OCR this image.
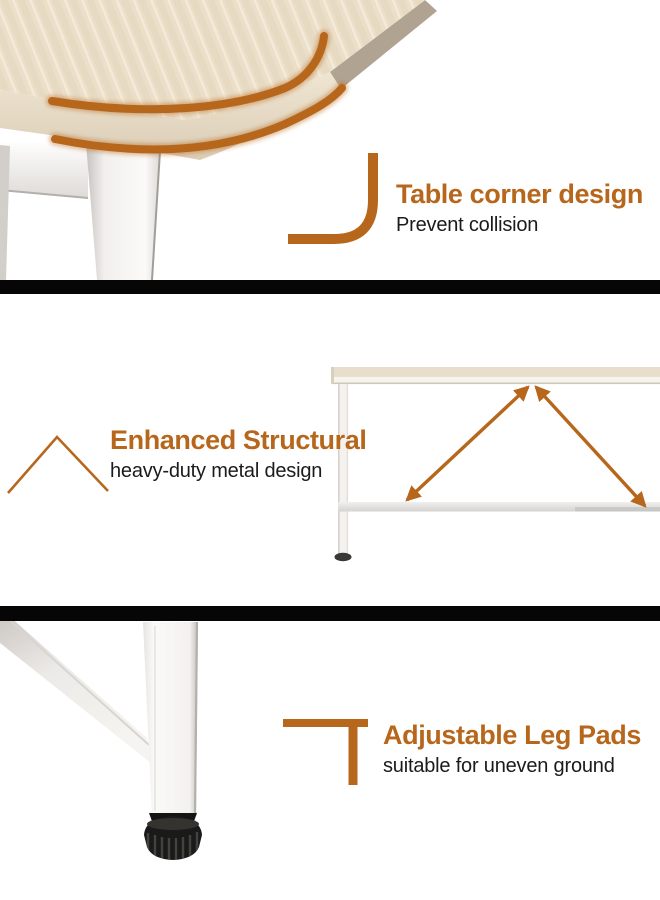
Table corner design
Prevent collision
Enhanced Structural
heavy-duty metal design
Adjustable Leg Pads
suitable for uneven ground
